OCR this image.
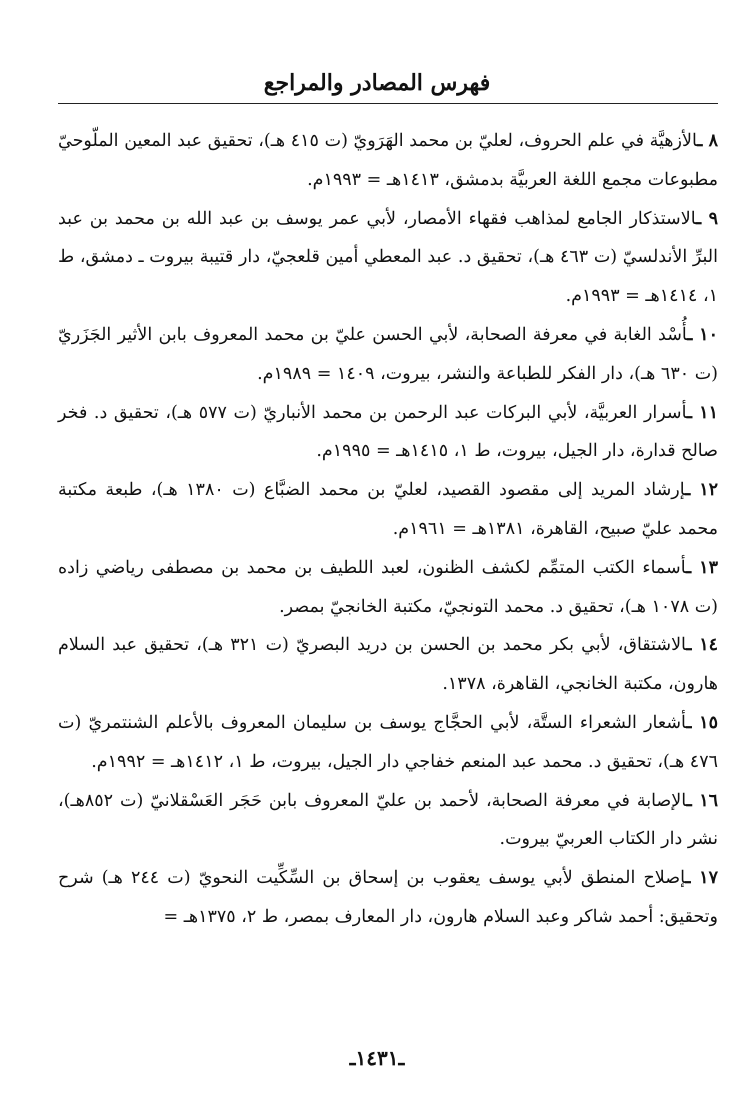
فهرس المصادر والمراجع

٨ ـالأزهيَّة في علم الحروف، لعليّ بن محمد الهَرَويّ (ت ٤١٥ هـ)، تحقيق عبد المعين الملّوحيّ مطبوعات مجمع اللغة العربيَّة بدمشق، ١٤١٣هـ = ١٩٩٣م.

٩ ـالاستذكار الجامع لمذاهب فقهاء الأمصار، لأبي عمر يوسف بن عبد الله بن محمد بن عبد البرِّ الأندلسيّ (ت ٤٦٣ هـ)، تحقيق د. عبد المعطي أمين قلعجيّ، دار قتيبة بيروت ـ دمشق، ط ١، ١٤١٤هـ = ١٩٩٣م.

١٠ ـأُسْد الغابة في معرفة الصحابة، لأبي الحسن عليّ بن محمد المعروف بابن الأثير الجَزَريّ (ت ٦٣٠ هـ)، دار الفكر للطباعة والنشر، بيروت، ١٤٠٩ = ١٩٨٩م.

١١ ـأسرار العربيَّة، لأبي البركات عبد الرحمن بن محمد الأنباريّ (ت ٥٧٧ هـ)، تحقيق د. فخر صالح قدارة، دار الجيل، بيروت، ط ١، ١٤١٥هـ = ١٩٩٥م.

١٢ ـإرشاد المريد إلى مقصود القصيد، لعليّ بن محمد الضبَّاع (ت ١٣٨٠ هـ)، طبعة مكتبة محمد عليّ صبيح، القاهرة، ١٣٨١هـ = ١٩٦١م.

١٣ ـأسماء الكتب المتمِّم لكشف الظنون، لعبد اللطيف بن محمد بن مصطفى رياضي زاده (ت ١٠٧٨ هـ)، تحقيق د. محمد التونجيّ، مكتبة الخانجيّ بمصر.

١٤ ـالاشتقاق، لأبي بكر محمد بن الحسن بن دريد البصريّ (ت ٣٢١ هـ)، تحقيق عبد السلام هارون، مكتبة الخانجي، القاهرة، ١٣٧٨.

١٥ ـأشعار الشعراء الستَّة، لأبي الحجَّاج يوسف بن سليمان المعروف بالأعلم الشنتمريّ (ت ٤٧٦ هـ)، تحقيق د. محمد عبد المنعم خفاجي دار الجيل، بيروت، ط ١، ١٤١٢هـ = ١٩٩٢م.

١٦ ـالإصابة في معرفة الصحابة، لأحمد بن عليّ المعروف بابن حَجَر العَسْقلانيّ (ت ٨٥٢هـ)، نشر دار الكتاب العربيّ بيروت.

١٧ ـإصلاح المنطق لأبي يوسف يعقوب بن إسحاق بن السِّكِّيت النحويّ (ت ٢٤٤ هـ) شرح وتحقيق: أحمد شاكر وعبد السلام هارون، دار المعارف بمصر، ط ٢، ١٣٧٥هـ =

ـ١٤٣١ـ
